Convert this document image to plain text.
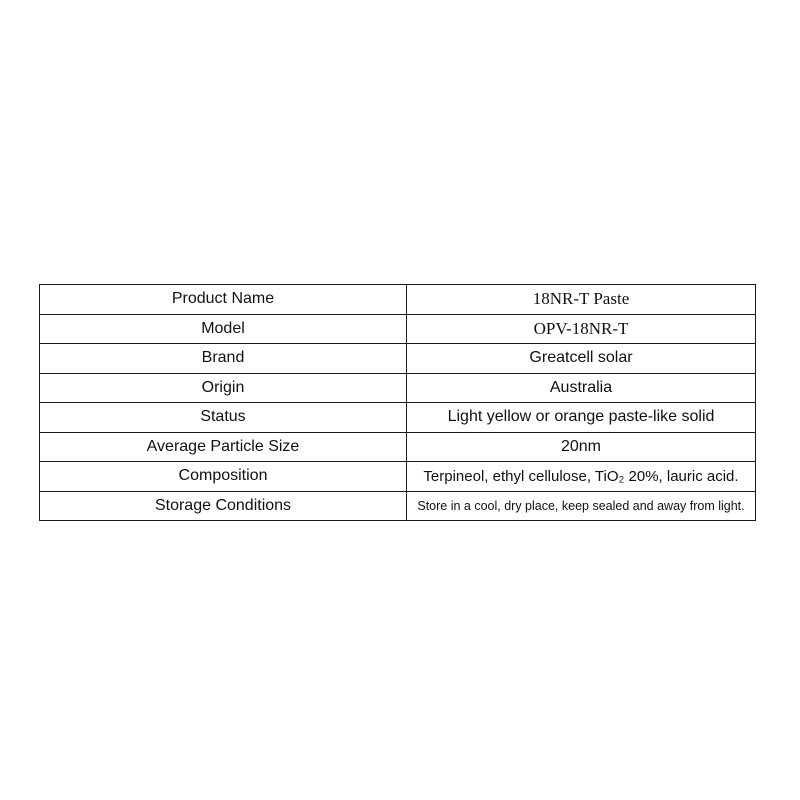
Product Name	18NR-T Paste
Model	OPV-18NR-T
Brand	Greatcell solar
Origin	Australia
Status	Light yellow or orange paste-like solid
Average Particle Size	20nm
Composition	Terpineol, ethyl cellulose, TiO₂ 20%, lauric acid.
Storage Conditions	Store in a cool, dry place, keep sealed and away from light.
